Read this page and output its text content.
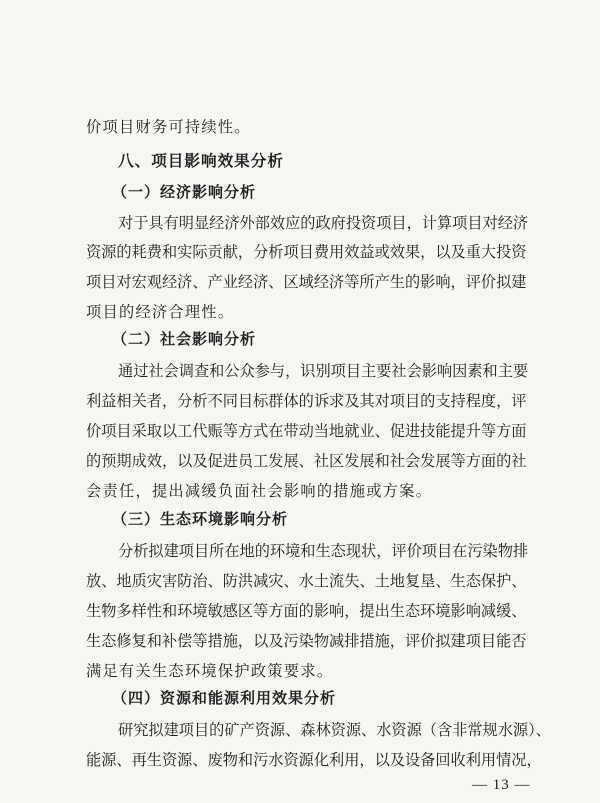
价项目财务可持续性。
八、项目影响效果分析
（一）经济影响分析
对于具有明显经济外部效应的政府投资项目，计算项目对经济
资源的耗费和实际贡献，分析项目费用效益或效果，以及重大投资
项目对宏观经济、产业经济、区域经济等所产生的影响，评价拟建
项目的经济合理性。
（二）社会影响分析
通过社会调查和公众参与，识别项目主要社会影响因素和主要
利益相关者，分析不同目标群体的诉求及其对项目的支持程度，评
价项目采取以工代赈等方式在带动当地就业、促进技能提升等方面
的预期成效，以及促进员工发展、社区发展和社会发展等方面的社
会责任，提出减缓负面社会影响的措施或方案。
（三）生态环境影响分析
分析拟建项目所在地的环境和生态现状，评价项目在污染物排
放、地质灾害防治、防洪减灾、水土流失、土地复垦、生态保护、
生物多样性和环境敏感区等方面的影响，提出生态环境影响减缓、
生态修复和补偿等措施，以及污染物减排措施，评价拟建项目能否
满足有关生态环境保护政策要求。
（四）资源和能源利用效果分析
研究拟建项目的矿产资源、森林资源、水资源（含非常规水源）、
能源、再生资源、废物和污水资源化利用，以及设备回收利用情况，
— 13 —
